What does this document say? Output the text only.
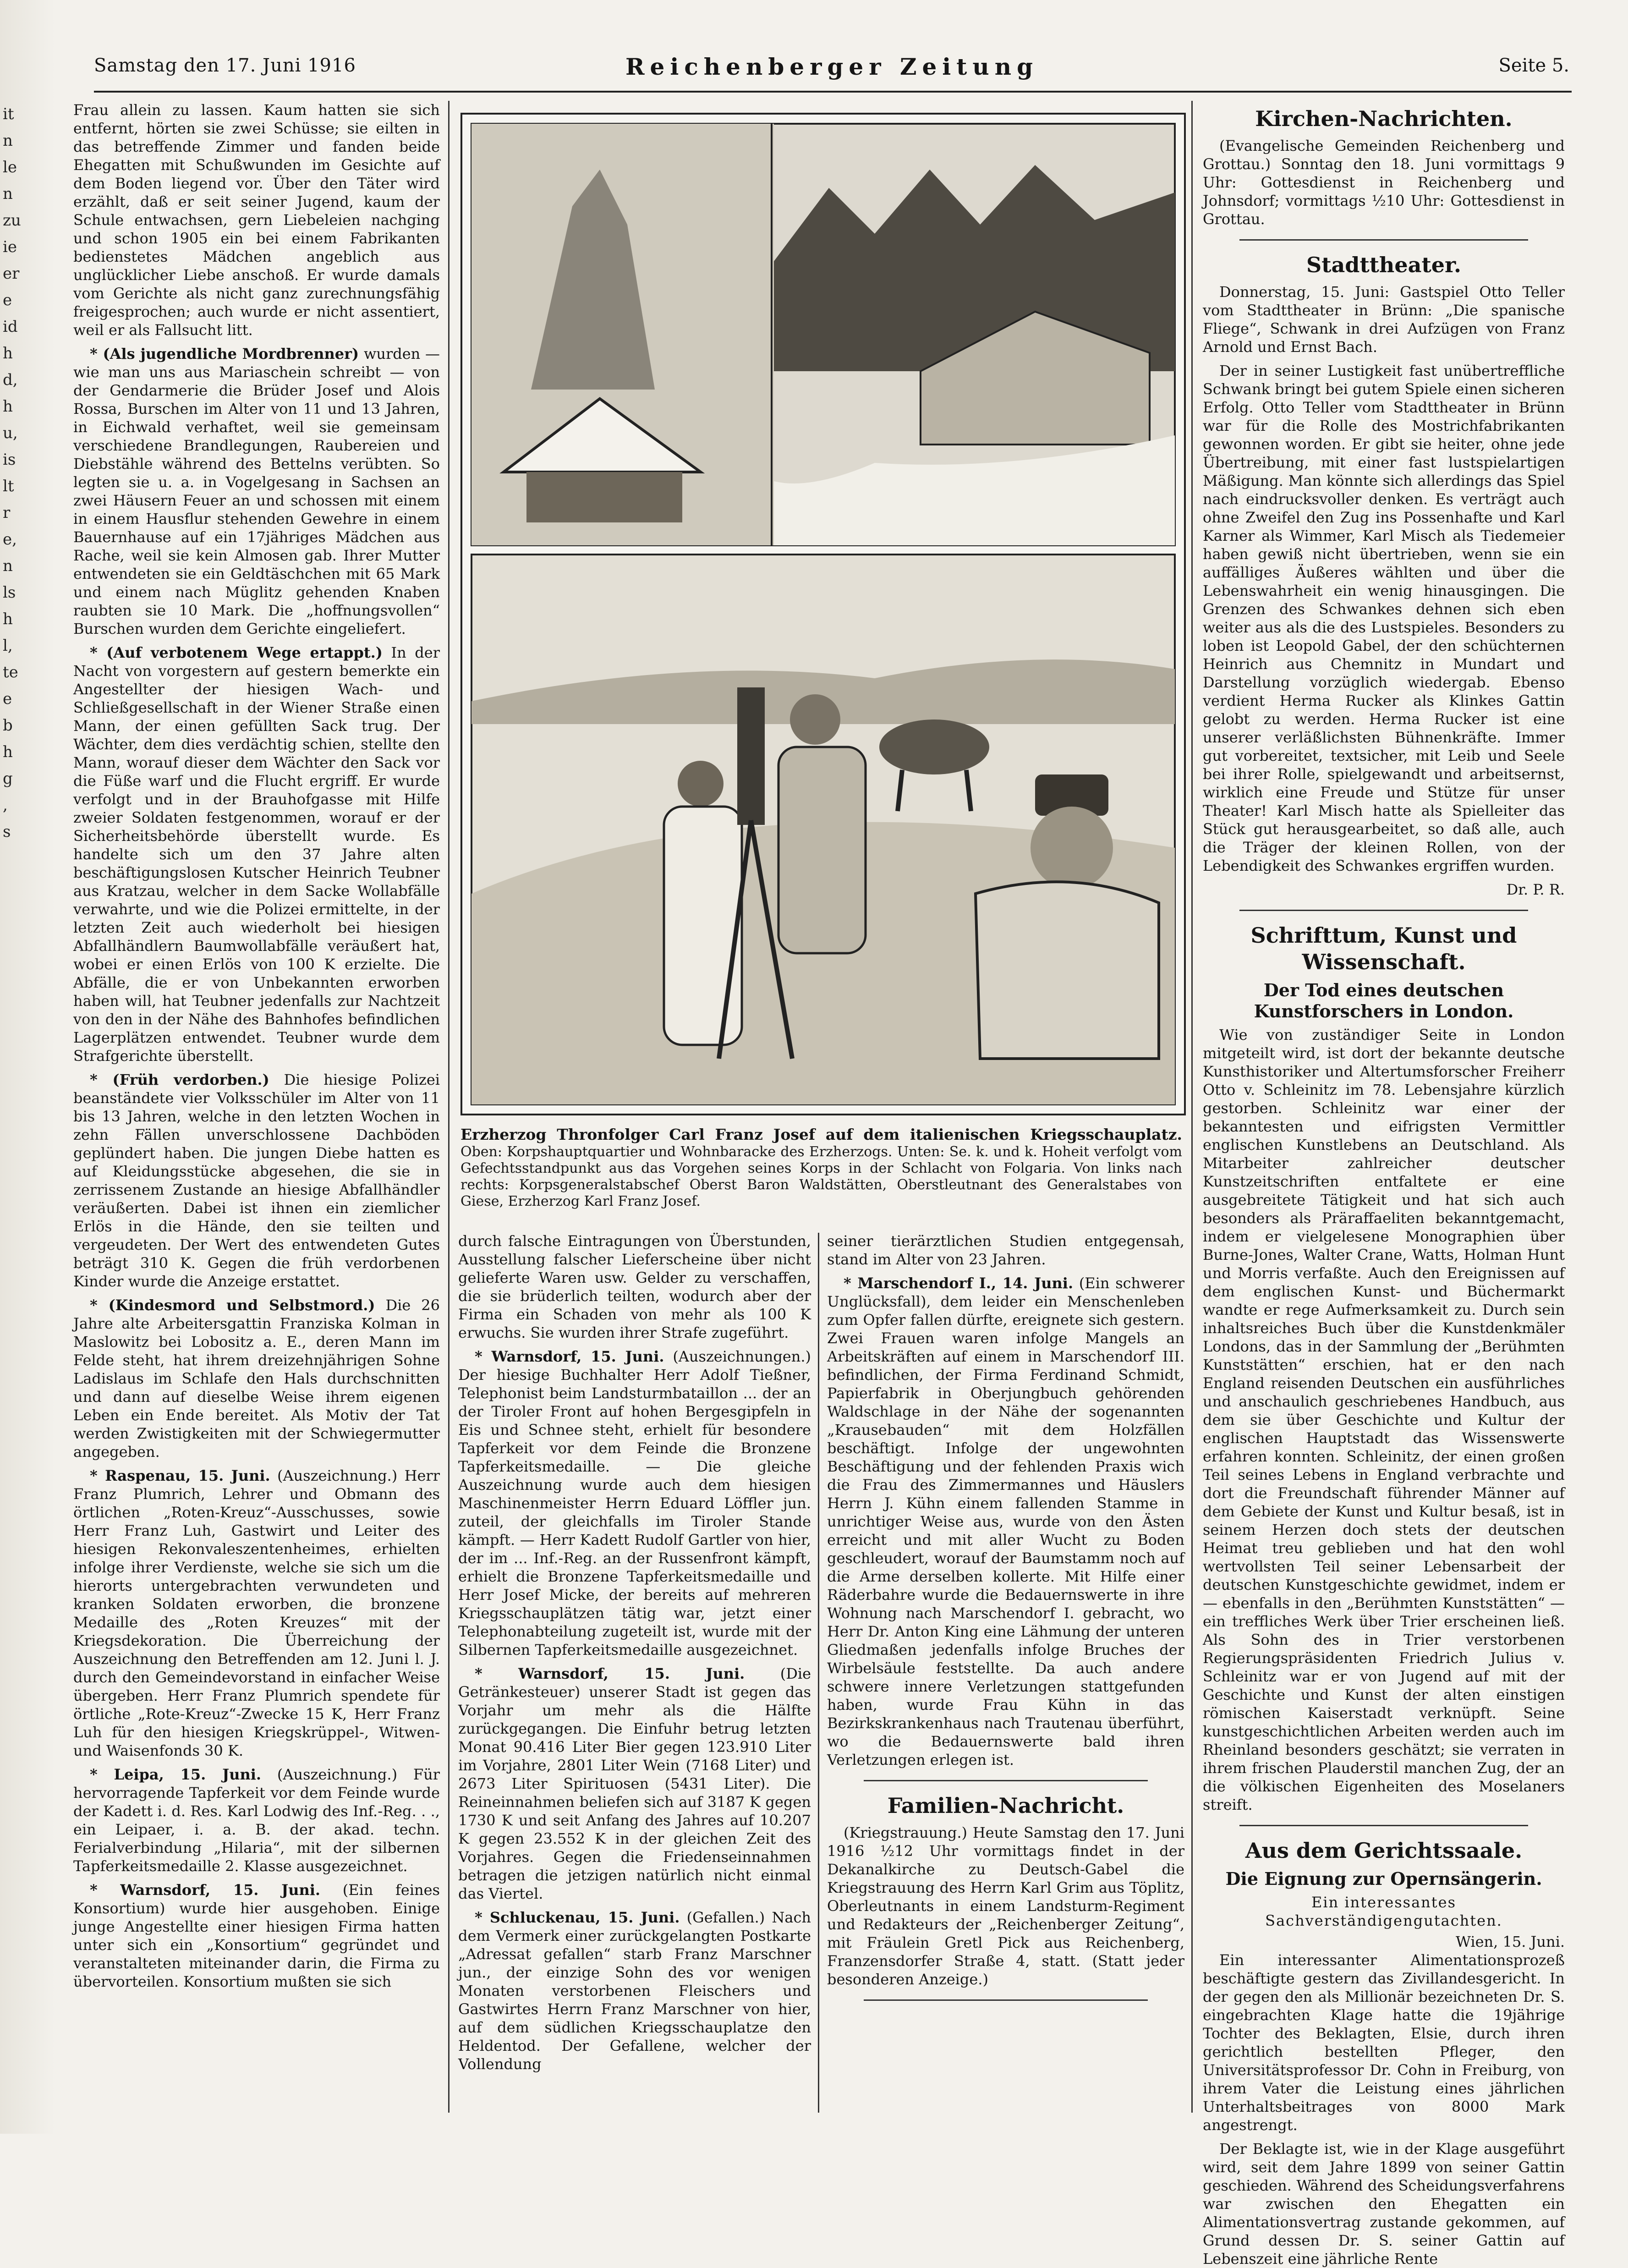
it
n
le
n
zu
ie
er
e
id
h
d,
h
u,
is
lt
r
e,
n
ls
h
l,
te
e
b
h
g
,
s
Samstag den 17. Juni 1916	Reichenberger Zeitung	Seite 5.

Frau allein zu lassen. Kaum hatten sie sich entfernt, hörten sie zwei Schüsse; sie eilten in das betreffende Zimmer und fanden beide Ehegatten mit Schußwunden im Gesichte auf dem Boden liegend vor. Über den Täter wird erzählt, daß er seit seiner Jugend, kaum der Schule entwachsen, gern Liebeleien nachging und schon 1905 ein bei einem Fabrikanten bedienstetes Mädchen angeblich aus unglücklicher Liebe anschoß. Er wurde damals vom Gerichte als nicht ganz zurechnungsfähig freigesprochen; auch wurde er nicht assentiert, weil er als Fallsucht litt.

* (Als jugendliche Mordbrenner) wurden — wie man uns aus Mariaschein schreibt — von der Gendarmerie die Brüder Josef und Alois Rossa, Burschen im Alter von 11 und 13 Jahren, in Eichwald verhaftet, weil sie gemeinsam verschiedene Brandlegungen, Raubereien und Diebstähle während des Bettelns verübten. So legten sie u. a. in Vogelgesang in Sachsen an zwei Häusern Feuer an und schossen mit einem in einem Hausflur stehenden Gewehre in einem Bauernhause auf ein 17jähriges Mädchen aus Rache, weil sie kein Almosen gab. Ihrer Mutter entwendeten sie ein Geldtäschchen mit 65 Mark und einem nach Müglitz gehenden Knaben raubten sie 10 Mark. Die „hoffnungsvollen“ Burschen wurden dem Gerichte eingeliefert.

* (Auf verbotenem Wege ertappt.) In der Nacht von vorgestern auf gestern bemerkte ein Angestellter der hiesigen Wach- und Schließgesellschaft in der Wiener Straße einen Mann, der einen gefüllten Sack trug. Der Wächter, dem dies verdächtig schien, stellte den Mann, worauf dieser dem Wächter den Sack vor die Füße warf und die Flucht ergriff. Er wurde verfolgt und in der Brauhofgasse mit Hilfe zweier Soldaten festgenommen, worauf er der Sicherheitsbehörde überstellt wurde. Es handelte sich um den 37 Jahre alten beschäftigungslosen Kutscher Heinrich Teubner aus Kratzau, welcher in dem Sacke Wollabfälle verwahrte, und wie die Polizei ermittelte, in der letzten Zeit auch wiederholt bei hiesigen Abfallhändlern Baumwollabfälle veräußert hat, wobei er einen Erlös von 100 K erzielte. Die Abfälle, die er von Unbekannten erworben haben will, hat Teubner jedenfalls zur Nachtzeit von den in der Nähe des Bahnhofes befindlichen Lagerplätzen entwendet. Teubner wurde dem Strafgerichte überstellt.

* (Früh verdorben.) Die hiesige Polizei beanständete vier Volksschüler im Alter von 11 bis 13 Jahren, welche in den letzten Wochen in zehn Fällen unverschlossene Dachböden geplündert haben. Die jungen Diebe hatten es auf Kleidungsstücke abgesehen, die sie in zerrissenem Zustande an hiesige Abfallhändler veräußerten. Dabei ist ihnen ein ziemlicher Erlös in die Hände, den sie teilten und vergeudeten. Der Wert des entwendeten Gutes beträgt 310 K. Gegen die früh verdorbenen Kinder wurde die Anzeige erstattet.

* (Kindesmord und Selbstmord.) Die 26 Jahre alte Arbeitersgattin Franziska Kolman in Maslowitz bei Lobositz a. E., deren Mann im Felde steht, hat ihrem dreizehnjährigen Sohne Ladislaus im Schlafe den Hals durchschnitten und dann auf dieselbe Weise ihrem eigenen Leben ein Ende bereitet. Als Motiv der Tat werden Zwistigkeiten mit der Schwiegermutter angegeben.

* Raspenau, 15. Juni. (Auszeichnung.) Herr Franz Plumrich, Lehrer und Obmann des örtlichen „Roten-Kreuz“-Ausschusses, sowie Herr Franz Luh, Gastwirt und Leiter des hiesigen Rekonvaleszentenheimes, erhielten infolge ihrer Verdienste, welche sie sich um die hierorts untergebrachten verwundeten und kranken Soldaten erworben, die bronzene Medaille des „Roten Kreuzes“ mit der Kriegsdekoration. Die Überreichung der Auszeichnung den Betreffenden am 12. Juni l. J. durch den Gemeindevorstand in einfacher Weise übergeben. Herr Franz Plumrich spendete für örtliche „Rote-Kreuz“-Zwecke 15 K, Herr Franz Luh für den hiesigen Kriegskrüppel-, Witwen- und Waisenfonds 30 K.

* Leipa, 15. Juni. (Auszeichnung.) Für hervorragende Tapferkeit vor dem Feinde wurde der Kadett i. d. Res. Karl Lodwig des Inf.-Reg. . ., ein Leipaer, i. a. B. der akad. techn. Ferialverbindung „Hilaria“, mit der silbernen Tapferkeitsmedaille 2. Klasse ausgezeichnet.

* Warnsdorf, 15. Juni. (Ein feines Konsortium) wurde hier ausgehoben. Einige junge Angestellte einer hiesigen Firma hatten unter sich ein „Konsortium“ gegründet und veranstalteten miteinander darin, die Firma zu übervorteilen. Konsortium mußten sie sich

Erzherzog Thronfolger Carl Franz Josef auf dem italienischen Kriegsschauplatz. Oben: Korpshauptquartier und Wohnbaracke des Erzherzogs. Unten: Se. k. und k. Hoheit verfolgt vom Gefechtsstandpunkt aus das Vorgehen seines Korps in der Schlacht von Folgaria. Von links nach rechts: Korpsgeneralstabschef Oberst Baron Waldstätten, Oberstleutnant des Generalstabes von Giese, Erzherzog Karl Franz Josef.

durch falsche Eintragungen von Überstunden, Ausstellung falscher Lieferscheine über nicht gelieferte Waren usw. Gelder zu verschaffen, die sie brüderlich teilten, wodurch aber der Firma ein Schaden von mehr als 100 K erwuchs. Sie wurden ihrer Strafe zugeführt.

* Warnsdorf, 15. Juni. (Auszeichnungen.) Der hiesige Buchhalter Herr Adolf Tießner, Telephonist beim Landsturmbataillon ... der an der Tiroler Front auf hohen Bergesgipfeln in Eis und Schnee steht, erhielt für besondere Tapferkeit vor dem Feinde die Bronzene Tapferkeitsmedaille. — Die gleiche Auszeichnung wurde auch dem hiesigen Maschinenmeister Herrn Eduard Löffler jun. zuteil, der gleichfalls im Tiroler Stande kämpft. — Herr Kadett Rudolf Gartler von hier, der im ... Inf.-Reg. an der Russenfront kämpft, erhielt die Bronzene Tapferkeitsmedaille und Herr Josef Micke, der bereits auf mehreren Kriegsschauplätzen tätig war, jetzt einer Telephonabteilung zugeteilt ist, wurde mit der Silbernen Tapferkeitsmedaille ausgezeichnet.

* Warnsdorf, 15. Juni. (Die Getränkesteuer) unserer Stadt ist gegen das Vorjahr um mehr als die Hälfte zurückgegangen. Die Einfuhr betrug letzten Monat 90.416 Liter Bier gegen 123.910 Liter im Vorjahre, 2801 Liter Wein (7168 Liter) und 2673 Liter Spirituosen (5431 Liter). Die Reineinnahmen beliefen sich auf 3187 K gegen 1730 K und seit Anfang des Jahres auf 10.207 K gegen 23.552 K in der gleichen Zeit des Vorjahres. Gegen die Friedenseinnahmen betragen die jetzigen natürlich nicht einmal das Viertel.

* Schluckenau, 15. Juni. (Gefallen.) Nach dem Vermerk einer zurückgelangten Postkarte „Adressat gefallen“ starb Franz Marschner jun., der einzige Sohn des vor wenigen Monaten verstorbenen Fleischers und Gastwirtes Herrn Franz Marschner von hier, auf dem südlichen Kriegsschauplatze den Heldentod. Der Gefallene, welcher der Vollendung

seiner tierärztlichen Studien entgegensah, stand im Alter von 23 Jahren.

* Marschendorf I., 14. Juni. (Ein schwerer Unglücksfall), dem leider ein Menschenleben zum Opfer fallen dürfte, ereignete sich gestern. Zwei Frauen waren infolge Mangels an Arbeitskräften auf einem in Marschendorf III. befindlichen, der Firma Ferdinand Schmidt, Papierfabrik in Oberjungbuch gehörenden Waldschlage in der Nähe der sogenannten „Krausebauden“ mit dem Holzfällen beschäftigt. Infolge der ungewohnten Beschäftigung und der fehlenden Praxis wich die Frau des Zimmermannes und Häuslers Herrn J. Kühn einem fallenden Stamme in unrichtiger Weise aus, wurde von den Ästen erreicht und mit aller Wucht zu Boden geschleudert, worauf der Baumstamm noch auf die Arme derselben kollerte. Mit Hilfe einer Räderbahre wurde die Bedauernswerte in ihre Wohnung nach Marschendorf I. gebracht, wo Herr Dr. Anton King eine Lähmung der unteren Gliedmaßen jedenfalls infolge Bruches der Wirbelsäule feststellte. Da auch andere schwere innere Verletzungen stattgefunden haben, wurde Frau Kühn in das Bezirkskrankenhaus nach Trautenau überführt, wo die Bedauernswerte bald ihren Verletzungen erlegen ist.

Familien-Nachricht.

(Kriegstrauung.) Heute Samstag den 17. Juni 1916 ½12 Uhr vormittags findet in der Dekanalkirche zu Deutsch-Gabel die Kriegstrauung des Herrn Karl Grim aus Töplitz, Oberleutnants in einem Landsturm-Regiment und Redakteurs der „Reichenberger Zeitung“, mit Fräulein Gretl Pick aus Reichenberg, Franzensdorfer Straße 4, statt. (Statt jeder besonderen Anzeige.)

Kirchen-Nachrichten.

(Evangelische Gemeinden Reichenberg und Grottau.) Sonntag den 18. Juni vormittags 9 Uhr: Gottesdienst in Reichenberg und Johnsdorf; vormittags ½10 Uhr: Gottesdienst in Grottau.

Stadttheater.

Donnerstag, 15. Juni: Gastspiel Otto Teller vom Stadttheater in Brünn: „Die spanische Fliege“, Schwank in drei Aufzügen von Franz Arnold und Ernst Bach.

Der in seiner Lustigkeit fast unübertreffliche Schwank bringt bei gutem Spiele einen sicheren Erfolg. Otto Teller vom Stadttheater in Brünn war für die Rolle des Mostrichfabrikanten gewonnen worden. Er gibt sie heiter, ohne jede Übertreibung, mit einer fast lustspielartigen Mäßigung. Man könnte sich allerdings das Spiel nach eindrucksvoller denken. Es verträgt auch ohne Zweifel den Zug ins Possenhafte und Karl Karner als Wimmer, Karl Misch als Tiedemeier haben gewiß nicht übertrieben, wenn sie ein auffälliges Äußeres wählten und über die Lebenswahrheit ein wenig hinausgingen. Die Grenzen des Schwankes dehnen sich eben weiter aus als die des Lustspieles. Besonders zu loben ist Leopold Gabel, der den schüchternen Heinrich aus Chemnitz in Mundart und Darstellung vorzüglich wiedergab. Ebenso verdient Herma Rucker als Klinkes Gattin gelobt zu werden. Herma Rucker ist eine unserer verläßlichsten Bühnenkräfte. Immer gut vorbereitet, textsicher, mit Leib und Seele bei ihrer Rolle, spielgewandt und arbeitsernst, wirklich eine Freude und Stütze für unser Theater! Karl Misch hatte als Spielleiter das Stück gut herausgearbeitet, so daß alle, auch die Träger der kleinen Rollen, von der Lebendigkeit des Schwankes ergriffen wurden.

Dr. P. R.
Schrifttum, Kunst und Wissenschaft.
Der Tod eines deutschen Kunstforschers in London.

Wie von zuständiger Seite in London mitgeteilt wird, ist dort der bekannte deutsche Kunsthistoriker und Altertumsforscher Freiherr Otto v. Schleinitz im 78. Lebensjahre kürzlich gestorben. Schleinitz war einer der bekanntesten und eifrigsten Vermittler englischen Kunstlebens an Deutschland. Als Mitarbeiter zahlreicher deutscher Kunstzeitschriften entfaltete er eine ausgebreitete Tätigkeit und hat sich auch besonders als Präraffaeliten bekanntgemacht, indem er vielgelesene Monographien über Burne-Jones, Walter Crane, Watts, Holman Hunt und Morris verfaßte. Auch den Ereignissen auf dem englischen Kunst- und Büchermarkt wandte er rege Aufmerksamkeit zu. Durch sein inhaltsreiches Buch über die Kunstdenkmäler Londons, das in der Sammlung der „Berühmten Kunststätten“ erschien, hat er den nach England reisenden Deutschen ein ausführliches und anschaulich geschriebenes Handbuch, aus dem sie über Geschichte und Kultur der englischen Hauptstadt das Wissenswerte erfahren konnten. Schleinitz, der einen großen Teil seines Lebens in England verbrachte und dort die Freundschaft führender Männer auf dem Gebiete der Kunst und Kultur besaß, ist in seinem Herzen doch stets der deutschen Heimat treu geblieben und hat den wohl wertvollsten Teil seiner Lebensarbeit der deutschen Kunstgeschichte gewidmet, indem er — ebenfalls in den „Berühmten Kunststätten“ — ein treffliches Werk über Trier erscheinen ließ. Als Sohn des in Trier verstorbenen Regierungspräsidenten Friedrich Julius v. Schleinitz war er von Jugend auf mit der Geschichte und Kunst der alten einstigen römischen Kaiserstadt verknüpft. Seine kunstgeschichtlichen Arbeiten werden auch im Rheinland besonders geschätzt; sie verraten in ihrem frischen Plauderstil manchen Zug, der an die völkischen Eigenheiten des Moselaners streift.

Aus dem Gerichtssaale.
Die Eignung zur Opernsängerin.
Ein interessantes Sachverständigengutachten.
Wien, 15. Juni.

Ein interessanter Alimentationsprozeß beschäftigte gestern das Zivillandesgericht. In der gegen den als Millionär bezeichneten Dr. S. eingebrachten Klage hatte die 19jährige Tochter des Beklagten, Elsie, durch ihren gerichtlich bestellten Pfleger, den Universitätsprofessor Dr. Cohn in Freiburg, von ihrem Vater die Leistung eines jährlichen Unterhaltsbeitrages von 8000 Mark angestrengt.

Der Beklagte ist, wie in der Klage ausgeführt wird, seit dem Jahre 1899 von seiner Gattin geschieden. Während des Scheidungsverfahrens war zwischen den Ehegatten ein Alimentationsvertrag zustande gekommen, auf Grund dessen Dr. S. seiner Gattin auf Lebenszeit eine jährliche Rente
